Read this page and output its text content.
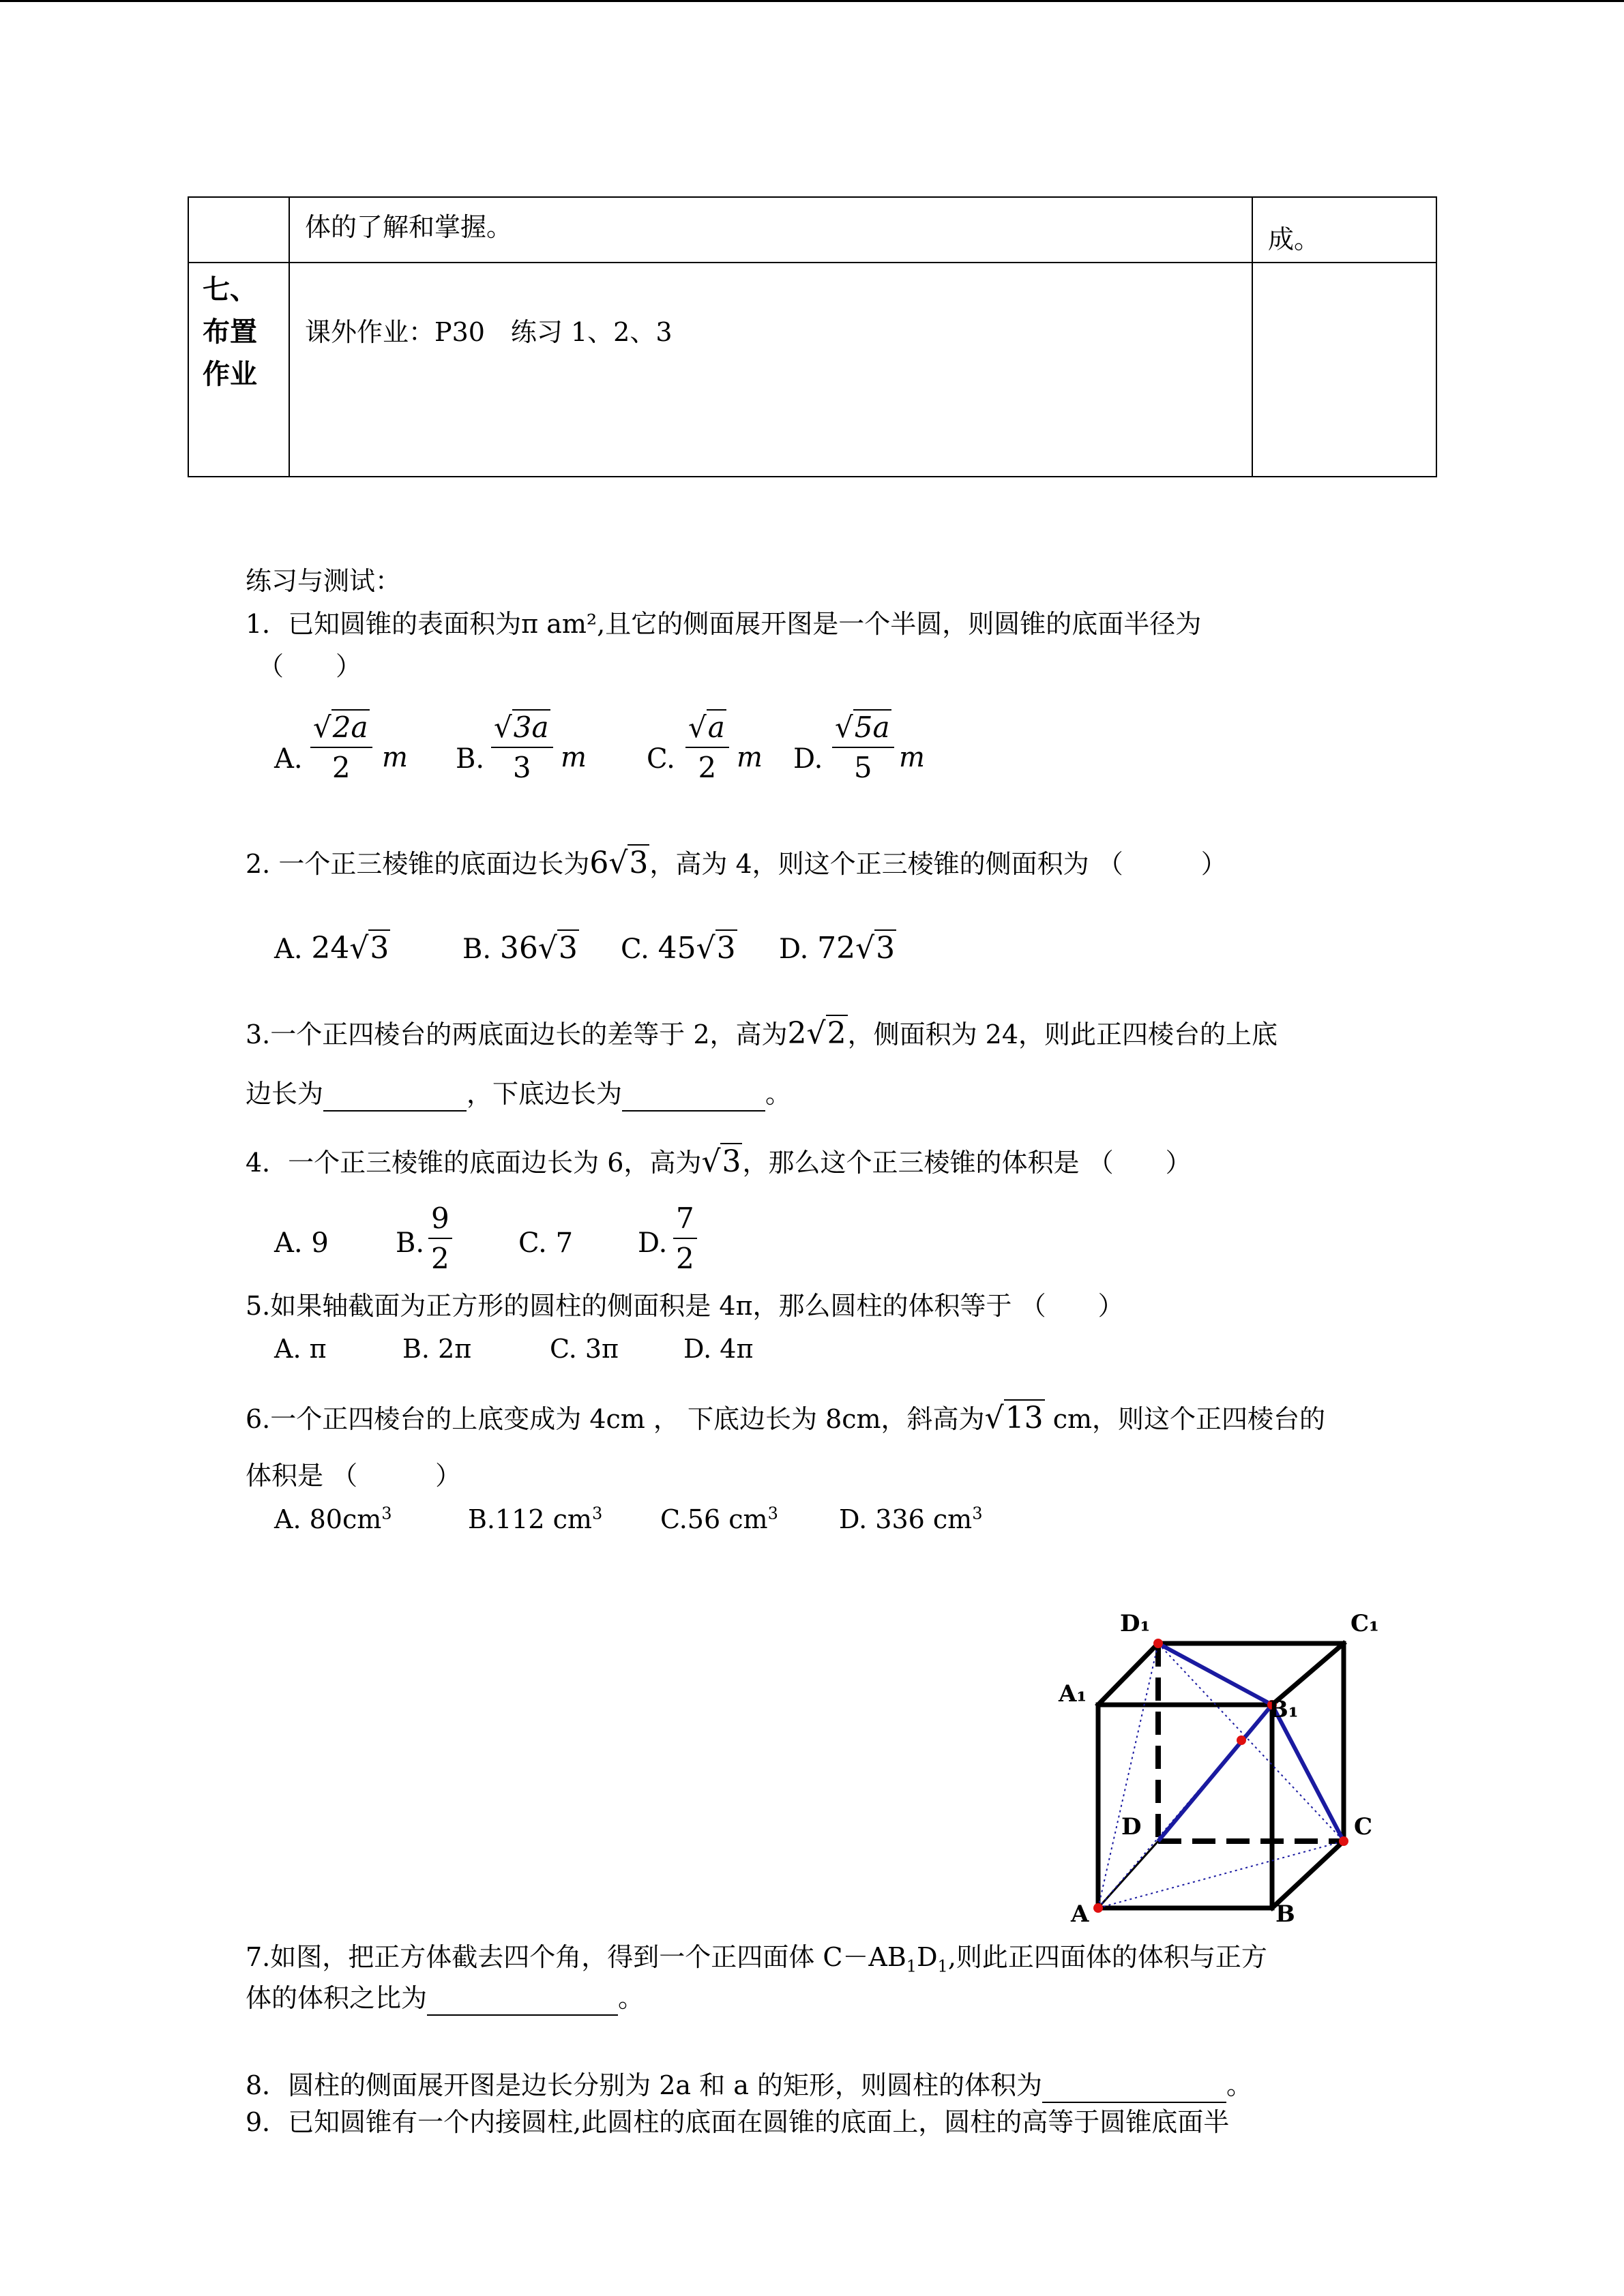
	体的了解和掌握。	成。

七、
布置
作业	课外作业：P30　练习 1、2、3	

练习与测试：
1．已知圆锥的表面积为π am²,且它的侧面展开图是一个半圆，则圆锥的底面半径为
（　　）
A. $\frac{√2a}{2}$ m B. $\frac{√3a}{3}$ m C. $\frac{√a}{2}$ m D. $\frac{√5a}{5}$ m
2. 一个正三棱锥的底面边长为6√3，高为 4，则这个正三棱锥的侧面积为 （　　　）
A. 24√3	B. 36√3 C. 45√3 D. 72√3
3.一个正四棱台的两底面边长的差等于 2，高为2√2，侧面积为 24，则此正四棱台的上底
边长为	，下底边长为	。
4．一个正三棱锥的底面边长为 6，高为√3，那么这个正三棱锥的体积是 （　　）
A. 9 B. $\frac{9}{2} C$. 7 D. $\frac{7}{2}$
5.如果轴截面为正方形的圆柱的侧面积是 4π，那么圆柱的体积等于 （　　）
A. π	B. 2π	C. 3π D. 4π
6.一个正四棱台的上底变成为 4cm ， 下底边长为 8cm，斜高为√13 cm，则这个正四棱台的
体积是 （　　　）
A. $80cm^3$	B.112 $cm^3$ C.56 $cm^3$ D. 336 $cm^3$
D₁	C₁
A₁
B₁
D	C
A	B
7.如图，把正方体截去四个角，得到一个正四面体 $C-AB_1D_1$,则此正四面体的体积与正方
体的体积之比为	。
8．圆柱的侧面展开图是边长分别为 2a 和 a 的矩形，则圆柱的体积为	。
9．已知圆锥有一个内接圆柱,此圆柱的底面在圆锥的底面上，圆柱的高等于圆锥底面半
